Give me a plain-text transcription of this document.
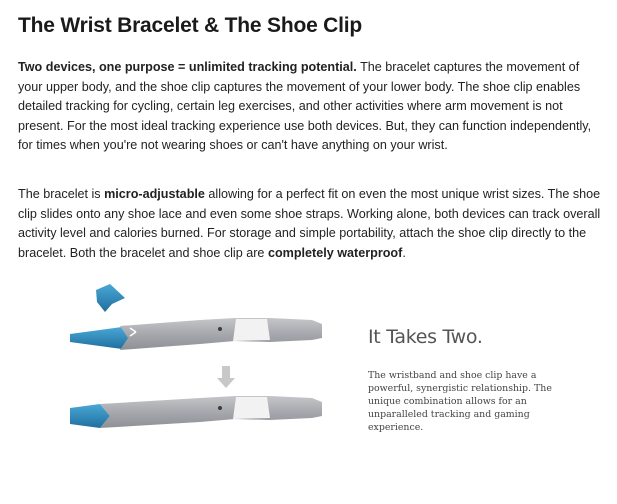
The Wrist Bracelet & The Shoe Clip

Two devices, one purpose = unlimited tracking potential. The bracelet captures the movement of your upper body, and the shoe clip captures the movement of your lower body. The shoe clip enables detailed tracking for cycling, certain leg exercises, and other activities where arm movement is not present. For the most ideal tracking experience use both devices. But, they can function independently, for times when you're not wearing shoes or can't have anything on your wrist.

The bracelet is micro-adjustable allowing for a perfect fit on even the most unique wrist sizes. The shoe clip slides onto any shoe lace and even some shoe straps. Working alone, both devices can track overall activity level and calories burned. For storage and simple portability, attach the shoe clip directly to the bracelet. Both the bracelet and shoe clip are completely waterproof.

It Takes Two.
The wristband and shoe clip have a powerful, synergistic relationship. The unique combination allows for an unparalleled tracking and gaming experience.
